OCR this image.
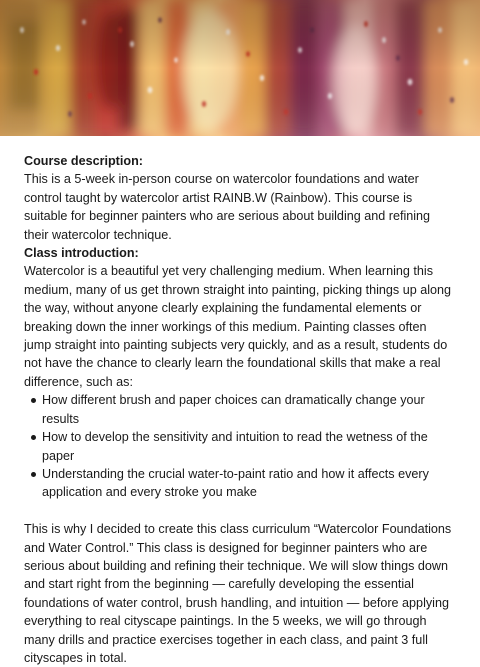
Course description:

This is a 5-week in-person course on watercolor foundations and water control taught by watercolor artist RAINB.W (Rainbow). This course is suitable for beginner painters who are serious about building and refining their watercolor technique.

Class introduction:

Watercolor is a beautiful yet very challenging medium. When learning this medium, many of us get thrown straight into painting, picking things up along the way, without anyone clearly explaining the fundamental elements or breaking down the inner workings of this medium. Painting classes often jump straight into painting subjects very quickly, and as a result, students do not have the chance to clearly learn the foundational skills that make a real difference, such as:

How different brush and paper choices can dramatically change your results
How to develop the sensitivity and intuition to read the wetness of the paper
Understanding the crucial water-to-paint ratio and how it affects every application and every stroke you make

This is why I decided to create this class curriculum “Watercolor Foundations and Water Control.” This class is designed for beginner painters who are serious about building and refining their technique. We will slow things down and start right from the beginning — carefully developing the essential foundations of water control, brush handling, and intuition — before applying everything to real cityscape paintings. In the 5 weeks, we will go through many drills and practice exercises together in each class, and paint 3 full cityscapes in total.
